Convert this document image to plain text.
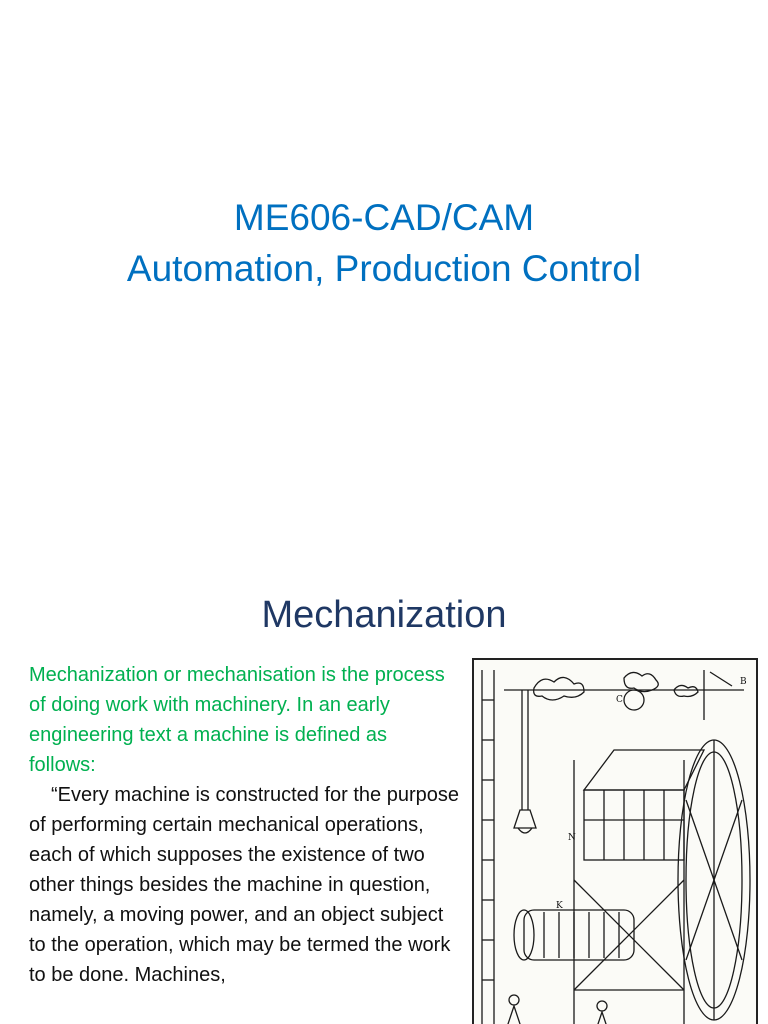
ME606-CAD/CAM
Automation, Production Control
Mechanization

Mechanization or mechanisation is the process of doing work with machinery. In an early engineering text a machine is defined as follows:

“Every machine is constructed for the purpose of performing certain mechanical operations, each of which supposes the existence of two other things besides the machine in question, namely, a moving power, and an object subject to the operation, which may be termed the work to be done. Machines,

B
C
N
K
